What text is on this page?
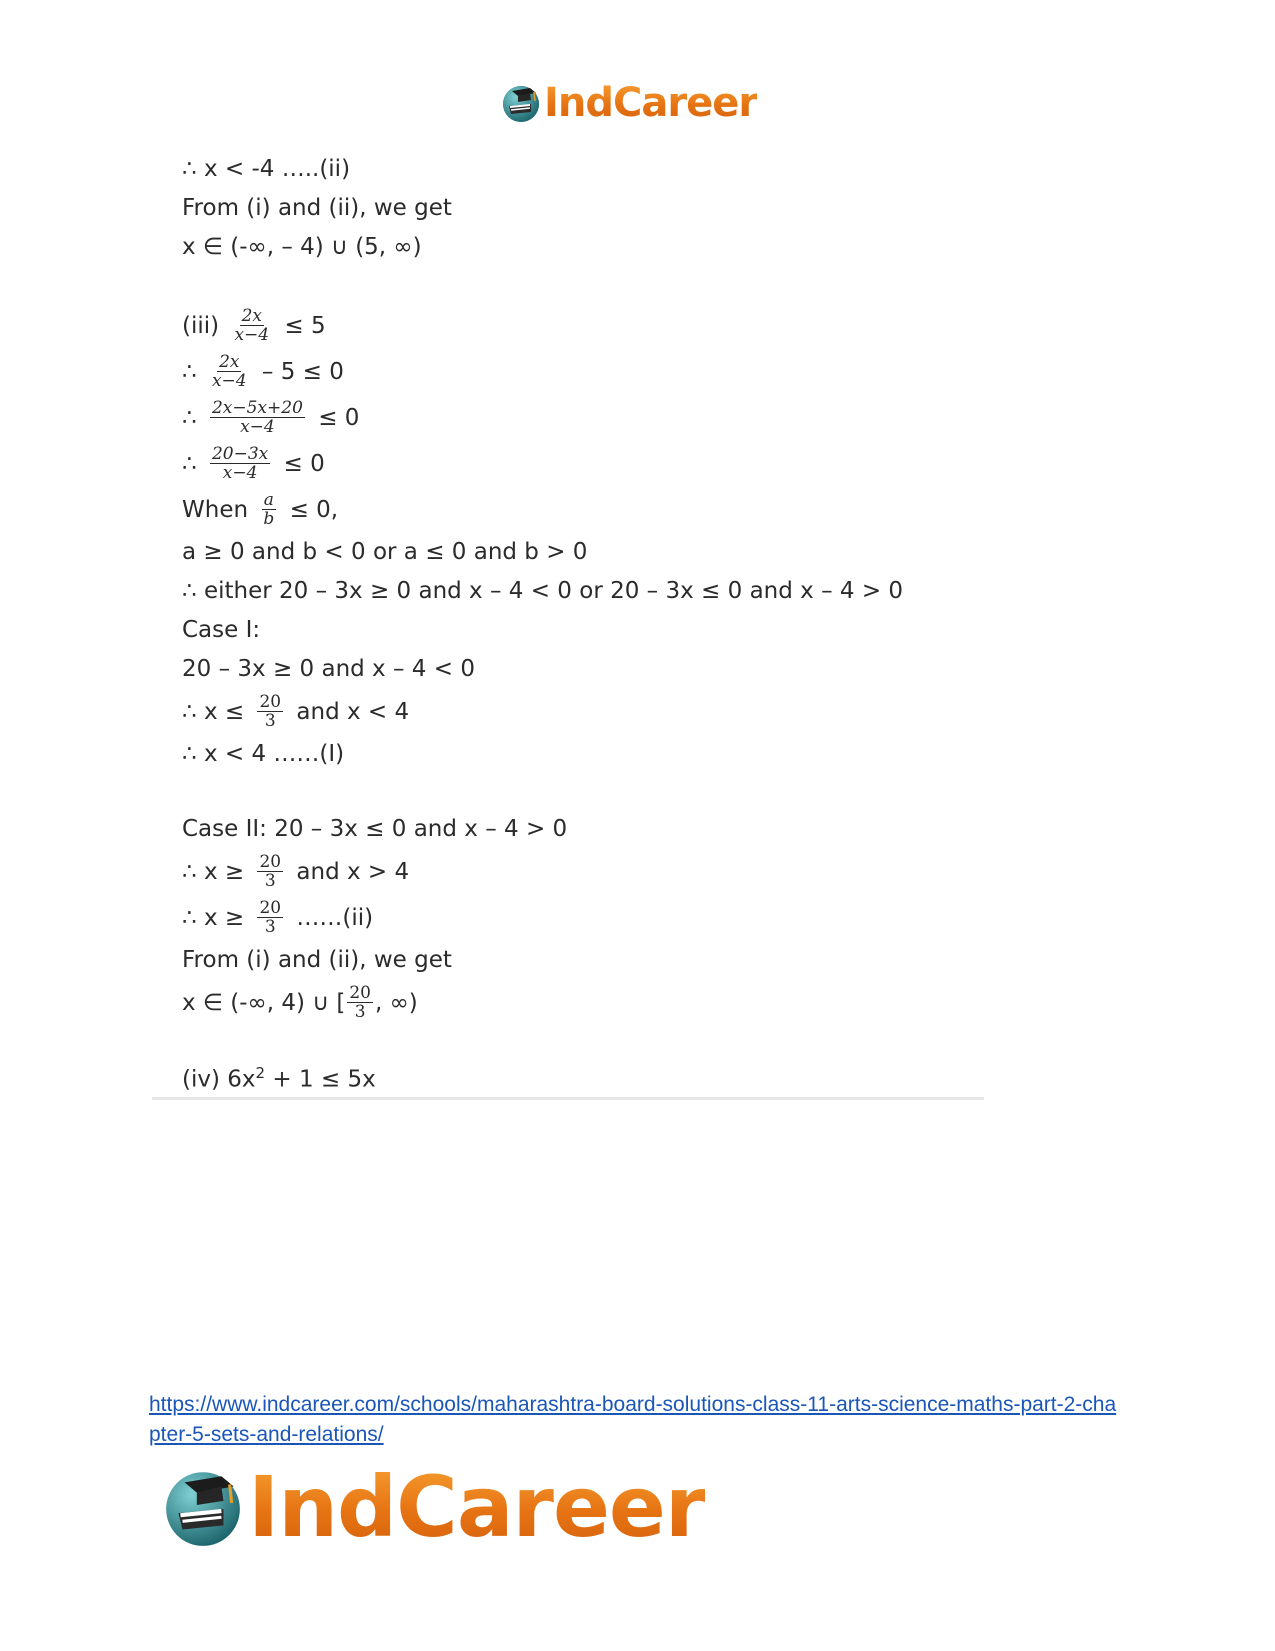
IndCareer
∴ x < -4 …..(ii)
From (i) and (ii), we get
x ∈ (-∞, – 4) ∪ (5, ∞)
$(iii) \frac{2x}{x-4} \le 5$
∴ $\frac{2x}{x-4} - 5 \le 0$
∴ $\frac{2x-5x+20}{x-4} \le 0$
∴ $\frac{20-3x}{x-4} \le 0$
When $\frac{a}{b} \le 0$,
a ≥ 0 and b < 0 or a ≤ 0 and b > 0
∴ either 20 – 3x ≥ 0 and x – 4 < 0 or 20 – 3x ≤ 0 and x – 4 > 0
Case I:
20 – 3x ≥ 0 and x – 4 < 0
∴ $x \le \frac{20}{3}$ and x < 4
∴ x < 4 ……(I)
Case II: 20 – 3x ≤ 0 and x – 4 > 0
∴ $x \ge \frac{20}{3}$ and x > 4
∴ $x \ge \frac{20}{3}$ ……(ii)
From (i) and (ii), we get
x ∈ (-∞, 4) ∪ [ $\frac{20}{3}$ , ∞)
(iv) $6x^2 + 1 \le 5x$
https://www.indcareer.com/schools/maharashtra-board-solutions-class-11-arts-science-maths-part-2-chapter-5-sets-and-relations/
IndCareer
